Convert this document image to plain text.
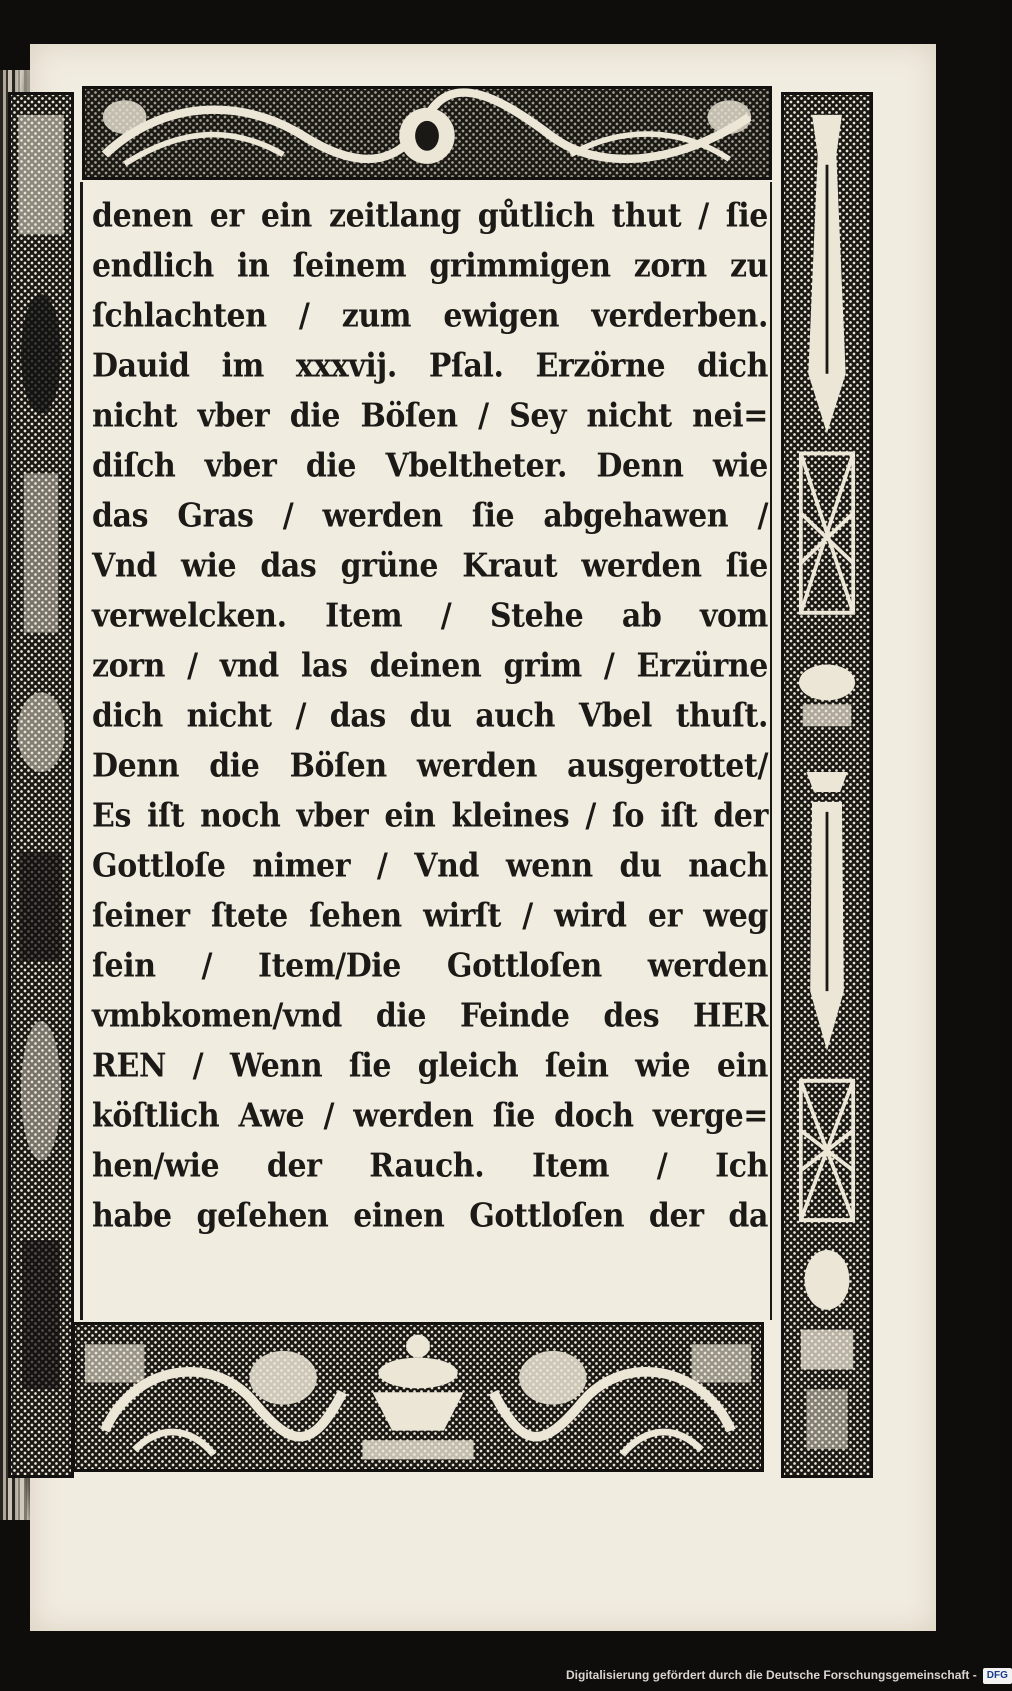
denen er ein zeitlang gůtlich thut / ſie
endlich in ſeinem grimmigen zorn zu
ſchlachten / zum ewigen verderben.
Dauid im xxxvij. Pſal. Erzörne dich
nicht vber die Böſen / Sey nicht nei=
diſch vber die Vbeltheter. Denn wie
das Gras / werden ſie abgehawen /
Vnd wie das grüne Kraut werden ſie
verwelcken. Item / Stehe ab vom
zorn / vnd las deinen grim / Erzürne
dich nicht / das du auch Vbel thuſt.
Denn die Böſen werden ausgerottet/
Es iſt noch vber ein kleines / ſo iſt der
Gottloſe nimer / Vnd wenn du nach
ſeiner ſtete ſehen wirſt / wird er weg
ſein / Item/Die Gottloſen werden
vmbkomen/vnd die Feinde des HER
REN / Wenn ſie gleich ſein wie ein
köſtlich Awe / werden ſie doch verge=
hen/wie der Rauch. Item / Ich
habe geſehen einen Gottloſen der da
Digitalisierung gefördert durch die Deutsche Forschungsgemeinschaft - DFG
